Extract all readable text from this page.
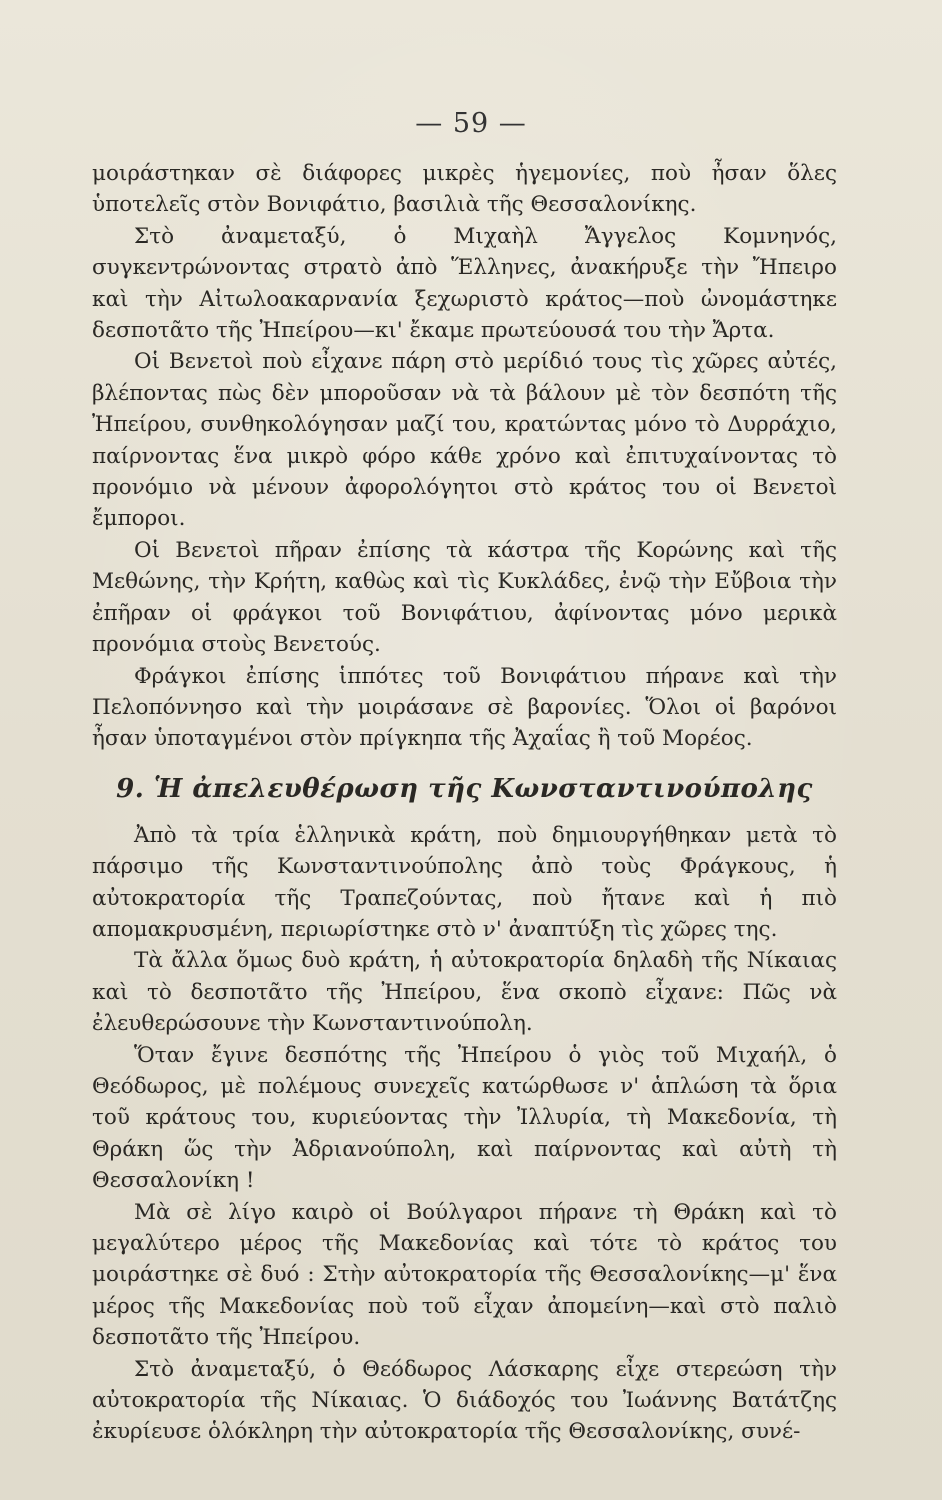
— 59 —

μοιράστηκαν σὲ διάφορες μικρὲς ἡγεμονίες, ποὺ ἦσαν ὅλες ὑποτελεῖς στὸν Βονιφάτιο, βασιλιὰ τῆς Θεσσαλονίκης.

Στὸ ἀναμεταξύ, ὁ Μιχαὴλ Ἄγγελος Κομνηνός, συγκεντρώνοντας στρατὸ ἀπὸ Ἕλληνες, ἀνακήρυξε τὴν Ἤπειρο καὶ τὴν Αἰτωλοακαρνανία ξεχωριστὸ κράτος—ποὺ ὠνομάστηκε δεσποτᾶτο τῆς Ἠπείρου—κι' ἔκαμε πρωτεύουσά του τὴν Ἄρτα.

Οἱ Βενετοὶ ποὺ εἶχανε πάρη στὸ μερίδιό τους τὶς χῶρες αὐτές, βλέποντας πὼς δὲν μποροῦσαν νὰ τὰ βάλουν μὲ τὸν δεσπότη τῆς Ἠπείρου, συνθηκολόγησαν μαζί του, κρατώντας μόνο τὸ Δυρράχιο, παίρνοντας ἕνα μικρὸ φόρο κάθε χρόνο καὶ ἐπιτυχαίνοντας τὸ προνόμιο νὰ μένουν ἀφορολόγητοι στὸ κράτος του οἱ Βενετοὶ ἔμποροι.

Οἱ Βενετοὶ πῆραν ἐπίσης τὰ κάστρα τῆς Κορώνης καὶ τῆς Μεθώνης, τὴν Κρήτη, καθὼς καὶ τὶς Κυκλάδες, ἐνῷ τὴν Εὔβοια τὴν ἐπῆραν οἱ φράγκοι τοῦ Βονιφάτιου, ἀφίνοντας μόνο μερικὰ προνόμια στοὺς Βενετούς.

Φράγκοι ἐπίσης ἱππότες τοῦ Βονιφάτιου πήρανε καὶ τὴν Πελοπόννησο καὶ τὴν μοιράσανε σὲ βαρονίες. Ὅλοι οἱ βαρόνοι ἦσαν ὑποταγμένοι στὸν πρίγκηπα τῆς Ἀχαΐας ἢ τοῦ Μορέος.

9. Ἡ ἀπελευθέρωση τῆς Κωνσταντινούπολης

Ἀπὸ τὰ τρία ἑλληνικὰ κράτη, ποὺ δημιουργήθηκαν μετὰ τὸ πάρσιμο τῆς Κωνσταντινούπολης ἀπὸ τοὺς Φράγκους, ἡ αὐτοκρατορία τῆς Τραπεζούντας, ποὺ ἤτανε καὶ ἡ πιὸ απομακρυσμένη, περιωρίστηκε στὸ ν' ἀναπτύξη τὶς χῶρες της.

Τὰ ἄλλα ὅμως δυὸ κράτη, ἡ αὐτοκρατορία δηλαδὴ τῆς Νίκαιας καὶ τὸ δεσποτᾶτο τῆς Ἠπείρου, ἕνα σκοπὸ εἶχανε: Πῶς νὰ ἐλευθερώσουνε τὴν Κωνσταντινούπολη.

Ὅταν ἔγινε δεσπότης τῆς Ἠπείρου ὁ γιὸς τοῦ Μιχαήλ, ὁ Θεόδωρος, μὲ πολέμους συνεχεῖς κατώρθωσε ν' ἁπλώση τὰ ὅρια τοῦ κράτους του, κυριεύοντας τὴν Ἰλλυρία, τὴ Μακεδονία, τὴ Θράκη ὥς τὴν Ἀδριανούπολη, καὶ παίρνοντας καὶ αὐτὴ τὴ Θεσσαλονίκη !

Μὰ σὲ λίγο καιρὸ οἱ Βούλγαροι πήρανε τὴ Θράκη καὶ τὸ μεγαλύτερο μέρος τῆς Μακεδονίας καὶ τότε τὸ κράτος του μοιράστηκε σὲ δυό : Στὴν αὐτοκρατορία τῆς Θεσσαλονίκης—μ' ἕνα μέρος τῆς Μακεδονίας ποὺ τοῦ εἶχαν ἀπομείνη—καὶ στὸ παλιὸ δεσποτᾶτο τῆς Ἠπείρου.

Στὸ ἀναμεταξύ, ὁ Θεόδωρος Λάσκαρης εἶχε στερεώση τὴν αὐτοκρατορία τῆς Νίκαιας. Ὁ διάδοχός του Ἰωάννης Βατάτζης ἐκυρίευσε ὁλόκληρη τὴν αὐτοκρατορία τῆς Θεσσαλονίκης, συνέ-
